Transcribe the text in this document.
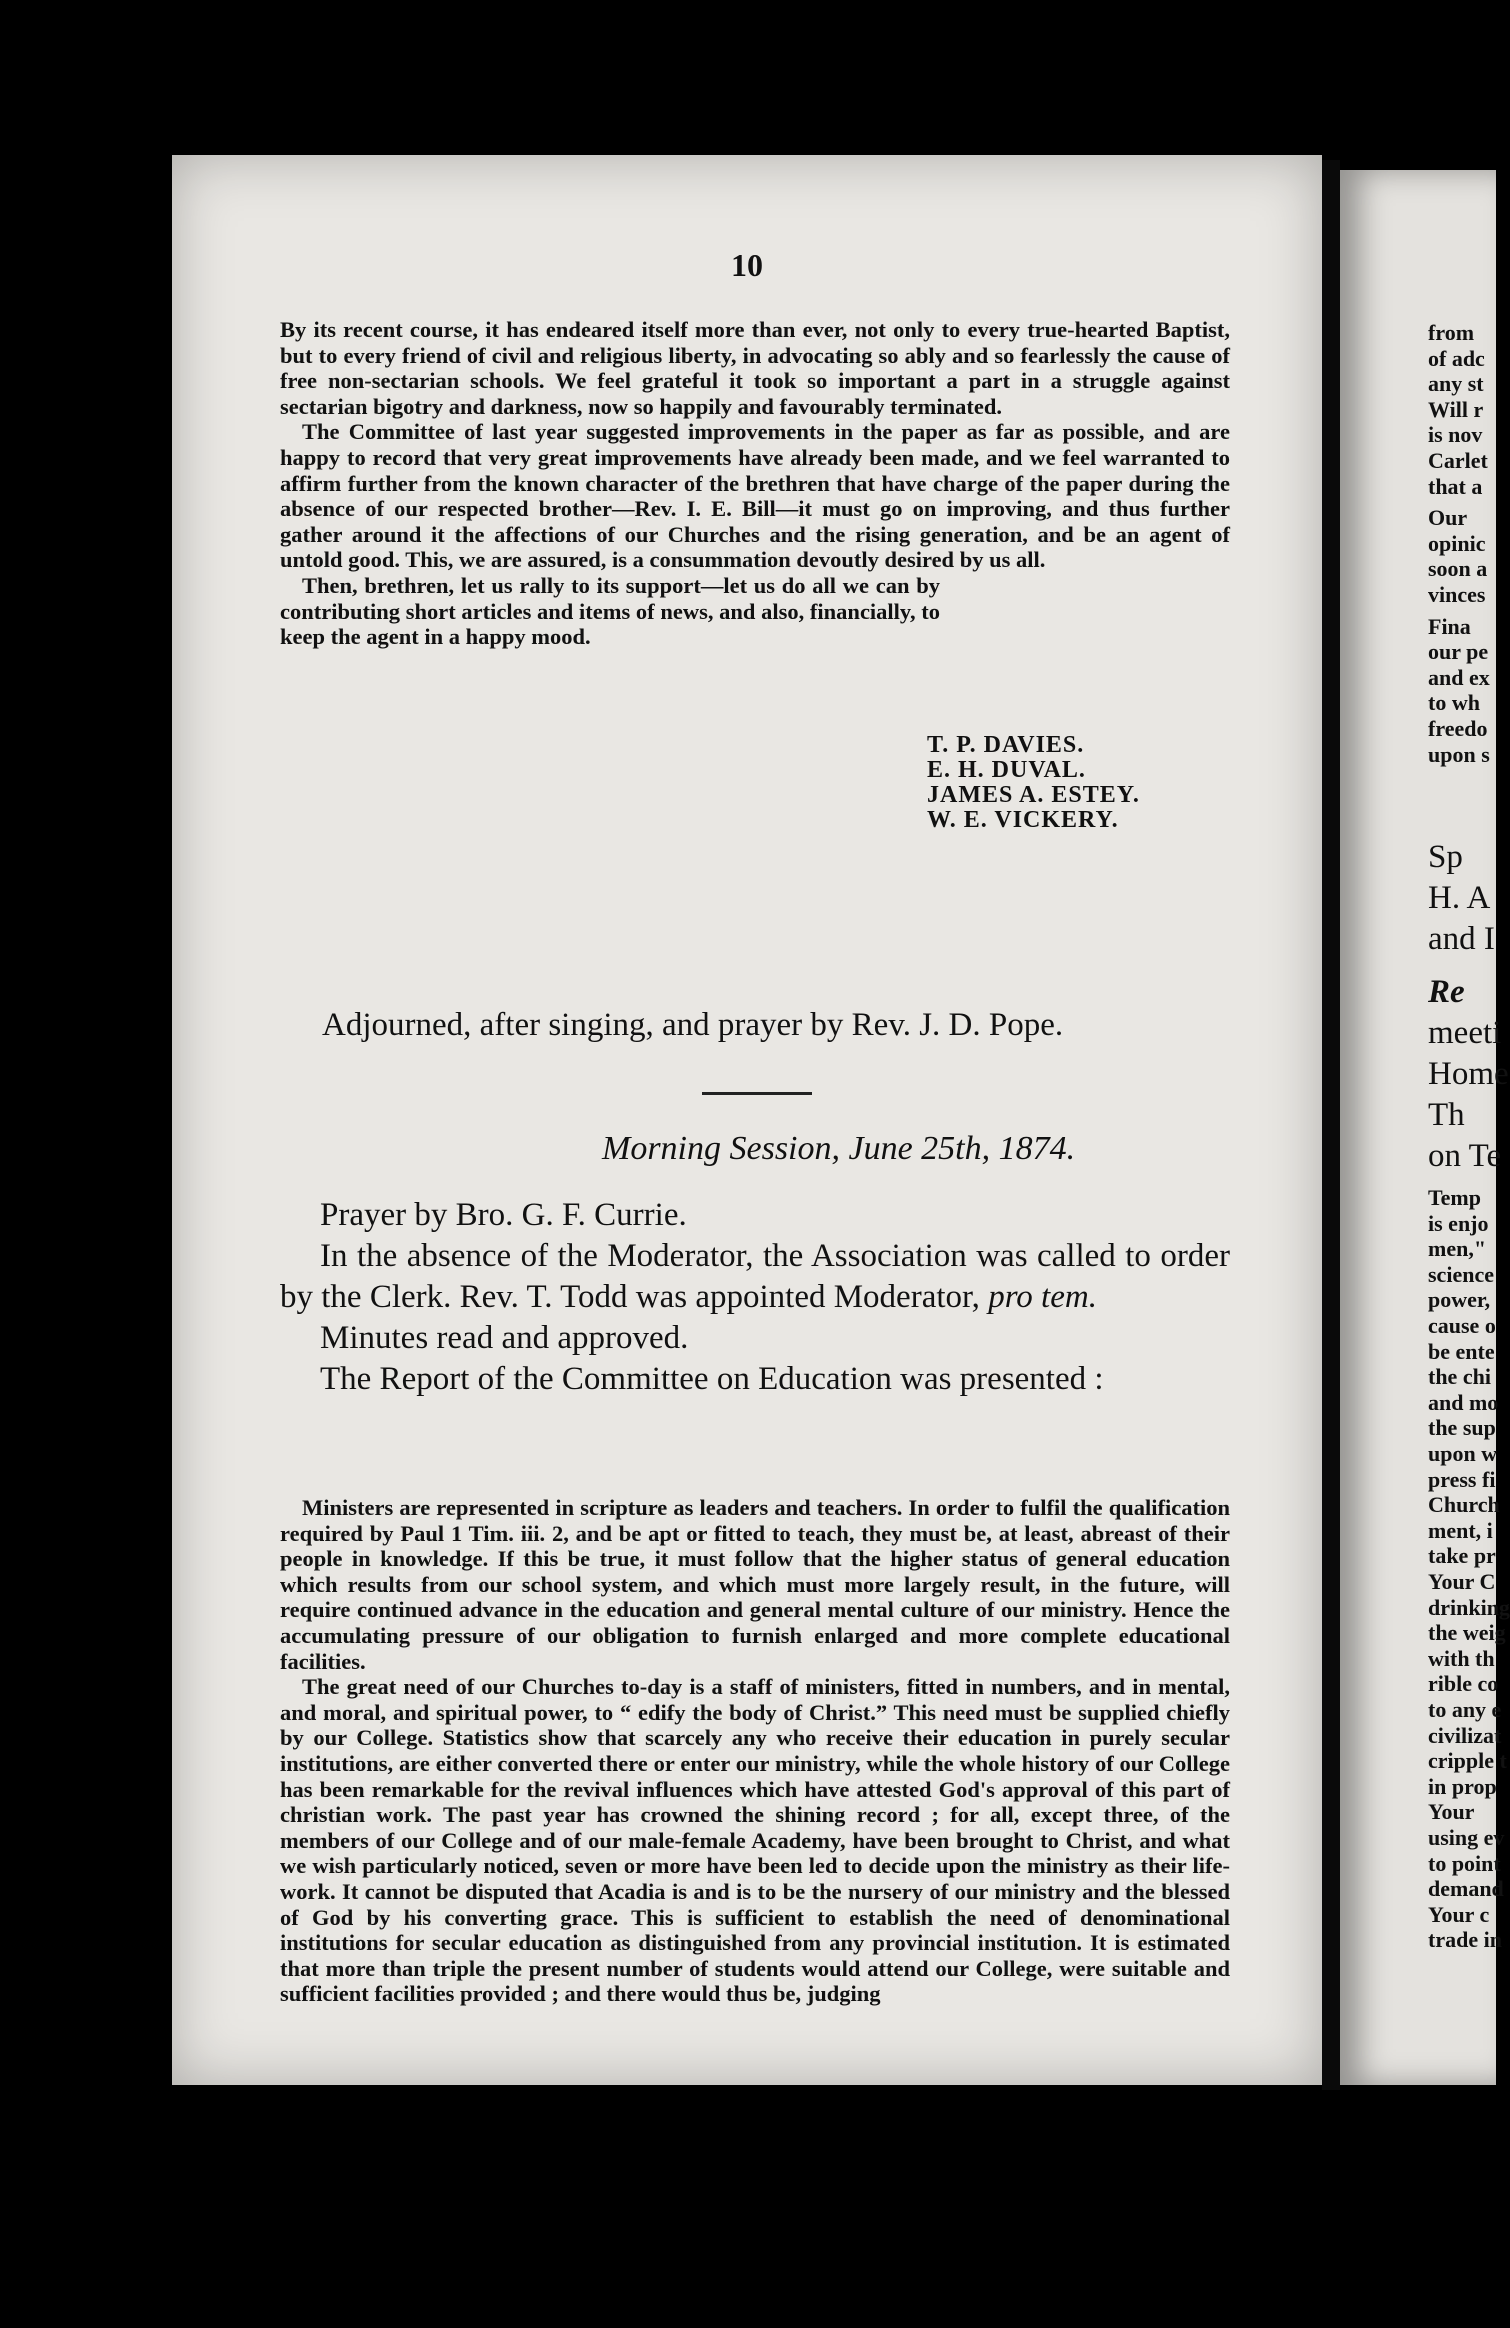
10

By its recent course, it has endeared itself more than ever, not only to every true-hearted Baptist, but to every friend of civil and religious liberty, in advocating so ably and so fearlessly the cause of free non-sectarian schools. We feel grateful it took so important a part in a struggle against sectarian bigotry and darkness, now so happily and favourably terminated.

The Committee of last year suggested improvements in the paper as far as possible, and are happy to record that very great improvements have already been made, and we feel warranted to affirm further from the known character of the brethren that have charge of the paper during the absence of our respected brother—Rev. I. E. Bill—it must go on improving, and thus further gather around it the affections of our Churches and the rising generation, and be an agent of untold good. This, we are assured, is a consummation devoutly desired by us all.

Then, brethren, let us rally to its support—let us do all we can by contributing short articles and items of news, and also, financially, to keep the agent in a happy mood.

T. P. DAVIES.
E. H. DUVAL.
JAMES A. ESTEY.
W. E. VICKERY.
Adjourned, after singing, and prayer by Rev. J. D. Pope.
Morning Session, June 25th, 1874.

Prayer by Bro. G. F. Currie.

In the absence of the Moderator, the Association was called to order by the Clerk. Rev. T. Todd was appointed Moderator, pro tem.

Minutes read and approved.

The Report of the Committee on Education was presented :

Ministers are represented in scripture as leaders and teachers. In order to fulfil the qualification required by Paul 1 Tim. iii. 2, and be apt or fitted to teach, they must be, at least, abreast of their people in knowledge. If this be true, it must follow that the higher status of general education which results from our school system, and which must more largely result, in the future, will require continued advance in the education and general mental culture of our ministry. Hence the accumulating pressure of our obligation to furnish enlarged and more complete educational facilities.

The great need of our Churches to-day is a staff of ministers, fitted in numbers, and in mental, and moral, and spiritual power, to “ edify the body of Christ.” This need must be supplied chiefly by our College. Statistics show that scarcely any who receive their education in purely secular institutions, are either converted there or enter our ministry, while the whole history of our College has been remarkable for the revival influences which have attested God's approval of this part of christian work. The past year has crowned the shining record ; for all, except three, of the members of our College and of our male-female Academy, have been brought to Christ, and what we wish particularly noticed, seven or more have been led to decide upon the ministry as their life-work. It cannot be disputed that Acadia is and is to be the nursery of our ministry and the blessed of God by his converting grace. This is sufficient to establish the need of denominational institutions for secular education as distinguished from any provincial institution. It is estimated that more than triple the present number of students would attend our College, were suitable and sufficient facilities provided ; and there would thus be, judging

from
of adc
any st
Will r
is nov
Carlet
that a
Our
opinic
soon a
vinces
Fina
our pe
and ex
to wh
freedo
upon s
Sp
H. A
and I
Re
meeti
Home
Th
on Te
Temp
is enjo
men,"
science
power,
cause o
be ente
the chi
and mo
the sup
upon w
press fi
Church
ment, i
take pr
Your C
drinking
the weig
with th
rible co
to any e
civilizat
cripple t
in prop
Your
using ev
to point
demand
Your c
trade in
